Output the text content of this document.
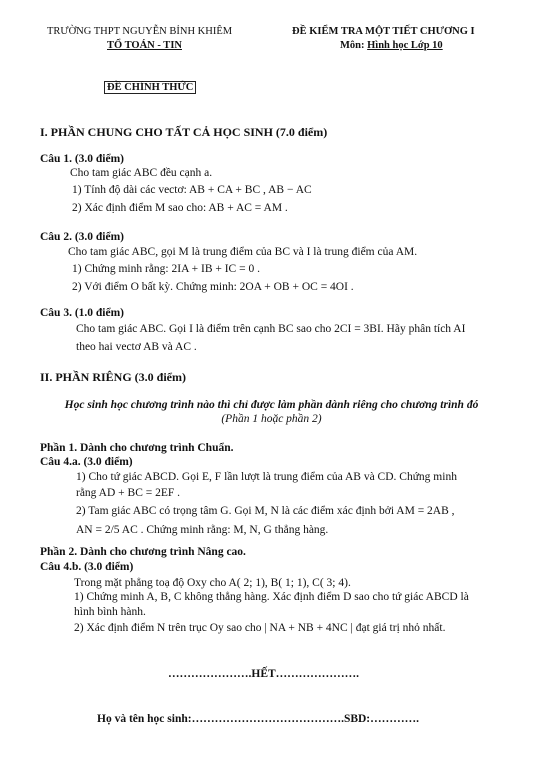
TRƯỜNG THPT NGUYỄN BỈNH KHIÊM
TỔ TOÁN - TIN
ĐỀ KIỂM TRA MỘT TIẾT CHƯƠNG I
Môn: Hình học Lớp 10
ĐỀ CHÍNH THỨC
I. PHẦN CHUNG CHO TẤT CẢ HỌC SINH (7.0 điểm)
Câu 1. (3.0 điểm)
Cho tam giác ABC đều cạnh a.
1) Tính độ dài các vectơ: AB + CA + BC , AB − AC
2) Xác định điểm M sao cho: AB + AC = AM .
Câu 2. (3.0 điểm)
Cho tam giác ABC, gọi M là trung điểm của BC và I là trung điểm của AM.
1) Chứng minh rằng: 2IA + IB + IC = 0 .
2) Với điểm O bất kỳ. Chứng minh: 2OA + OB + OC = 4OI .
Câu 3. (1.0 điểm)
Cho tam giác ABC. Gọi I là điểm trên cạnh BC sao cho 2CI = 3BI. Hãy phân tích AI
theo hai vectơ AB và AC .
II. PHẦN RIÊNG (3.0 điểm)
Học sinh học chương trình nào thì chỉ được làm phần dành riêng cho chương trình đó
(Phần 1 hoặc phần 2)
Phần 1. Dành cho chương trình Chuẩn.
Câu 4.a. (3.0 điểm)
1) Cho tứ giác ABCD. Gọi E, F lần lượt là trung điểm của AB và CD. Chứng minh
rằng AD + BC = 2EF .
2) Tam giác ABC có trọng tâm G. Gọi M, N là các điểm xác định bởi AM = 2AB ,
AN = 2/5 AC . Chứng minh rằng: M, N, G thẳng hàng.
Phần 2. Dành cho chương trình Nâng cao.
Câu 4.b. (3.0 điểm)
Trong mặt phẳng toạ độ Oxy cho A( 2; 1), B( 1; 1), C( 3; 4).
1) Chứng minh A, B, C không thẳng hàng. Xác định điểm D sao cho tứ giác ABCD là
hình bình hành.
2) Xác định điểm N trên trục Oy sao cho | NA + NB + 4NC | đạt giá trị nhỏ nhất.
………………….HẾT………………….
Họ và tên học sinh:………………………………….SBD:………….
